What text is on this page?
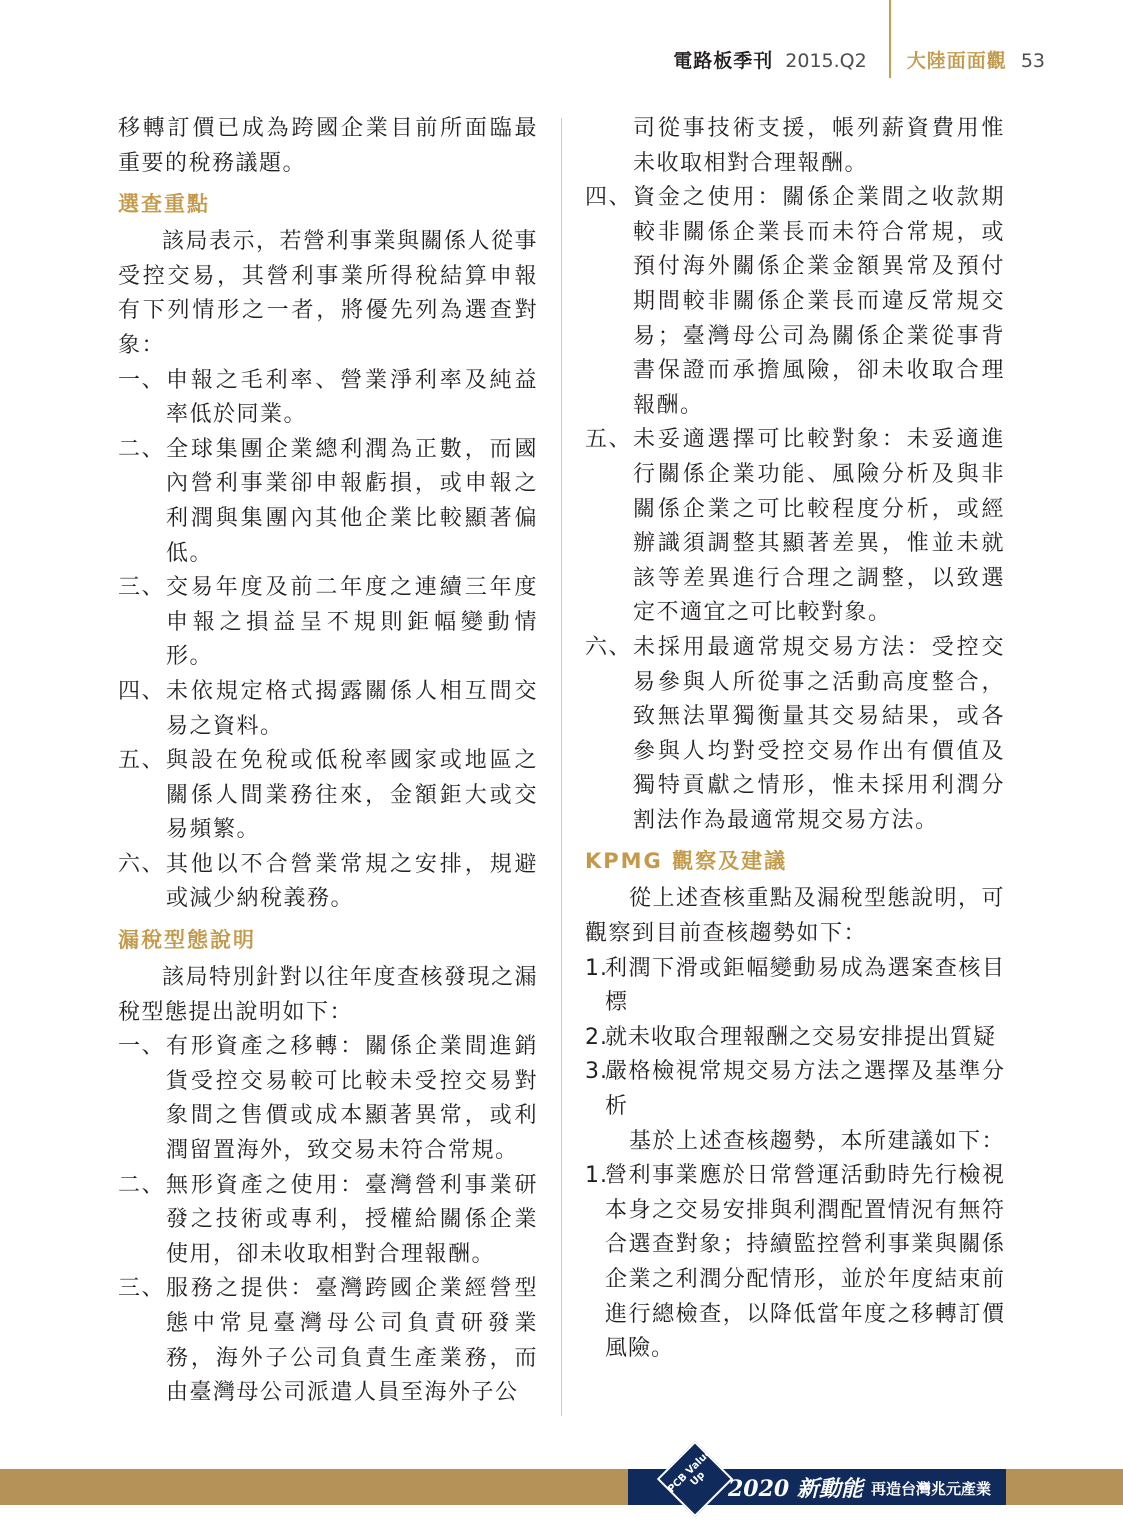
電路板季刊 2015.Q2 大陸面面觀 53

移轉訂價已成為跨國企業目前所面臨最重要的稅務議題。

選查重點

該局表示，若營利事業與關係人從事受控交易，其營利事業所得稅結算申報有下列情形之一者，將優先列為選查對象：

一、 申報之毛利率、營業淨利率及純益率低於同業。
二、 全球集團企業總利潤為正數，而國內營利事業卻申報虧損，或申報之利潤與集團內其他企業比較顯著偏低。
三、 交易年度及前二年度之連續三年度申報之損益呈不規則鉅幅變動情形。
四、 未依規定格式揭露關係人相互間交易之資料。
五、 與設在免稅或低稅率國家或地區之關係人間業務往來，金額鉅大或交易頻繁。
六、 其他以不合營業常規之安排，規避或減少納稅義務。
漏稅型態說明

該局特別針對以往年度查核發現之漏稅型態提出說明如下：

一、 有形資產之移轉：關係企業間進銷貨受控交易較可比較未受控交易對象間之售價或成本顯著異常，或利潤留置海外，致交易未符合常規。
二、 無形資產之使用：臺灣營利事業研發之技術或專利，授權給關係企業使用，卻未收取相對合理報酬。
三、 服務之提供：臺灣跨國企業經營型態中常見臺灣母公司負責研發業務，海外子公司負責生產業務，而由臺灣母公司派遣人員至海外子公
司從事技術支援，帳列薪資費用惟未收取相對合理報酬。
四、 資金之使用：關係企業間之收款期較非關係企業長而未符合常規，或預付海外關係企業金額異常及預付期間較非關係企業長而違反常規交易；臺灣母公司為關係企業從事背書保證而承擔風險，卻未收取合理報酬。
五、 未妥適選擇可比較對象：未妥適進行關係企業功能、風險分析及與非關係企業之可比較程度分析，或經辦識須調整其顯著差異，惟並未就該等差異進行合理之調整，以致選定不適宜之可比較對象。
六、 未採用最適常規交易方法：受控交易參與人所從事之活動高度整合，致無法單獨衡量其交易結果，或各參與人均對受控交易作出有價值及獨特貢獻之情形，惟未採用利潤分割法作為最適常規交易方法。
KPMG 觀察及建議

從上述查核重點及漏稅型態說明，可觀察到目前查核趨勢如下：

1.
利潤下滑或鉅幅變動易成為選案查核目標
2.
就未收取合理報酬之交易安排提出質疑
3.
嚴格檢視常規交易方法之選擇及基準分析

基於上述查核趨勢，本所建議如下：

1.
營利事業應於日常營運活動時先行檢視本身之交易安排與利潤配置情況有無符合選查對象；持續監控營利事業與關係企業之利潤分配情形，並於年度結束前進行總檢查，以降低當年度之移轉訂價風險。
PCB Value Up 2020 新動能 再造台灣兆元產業
